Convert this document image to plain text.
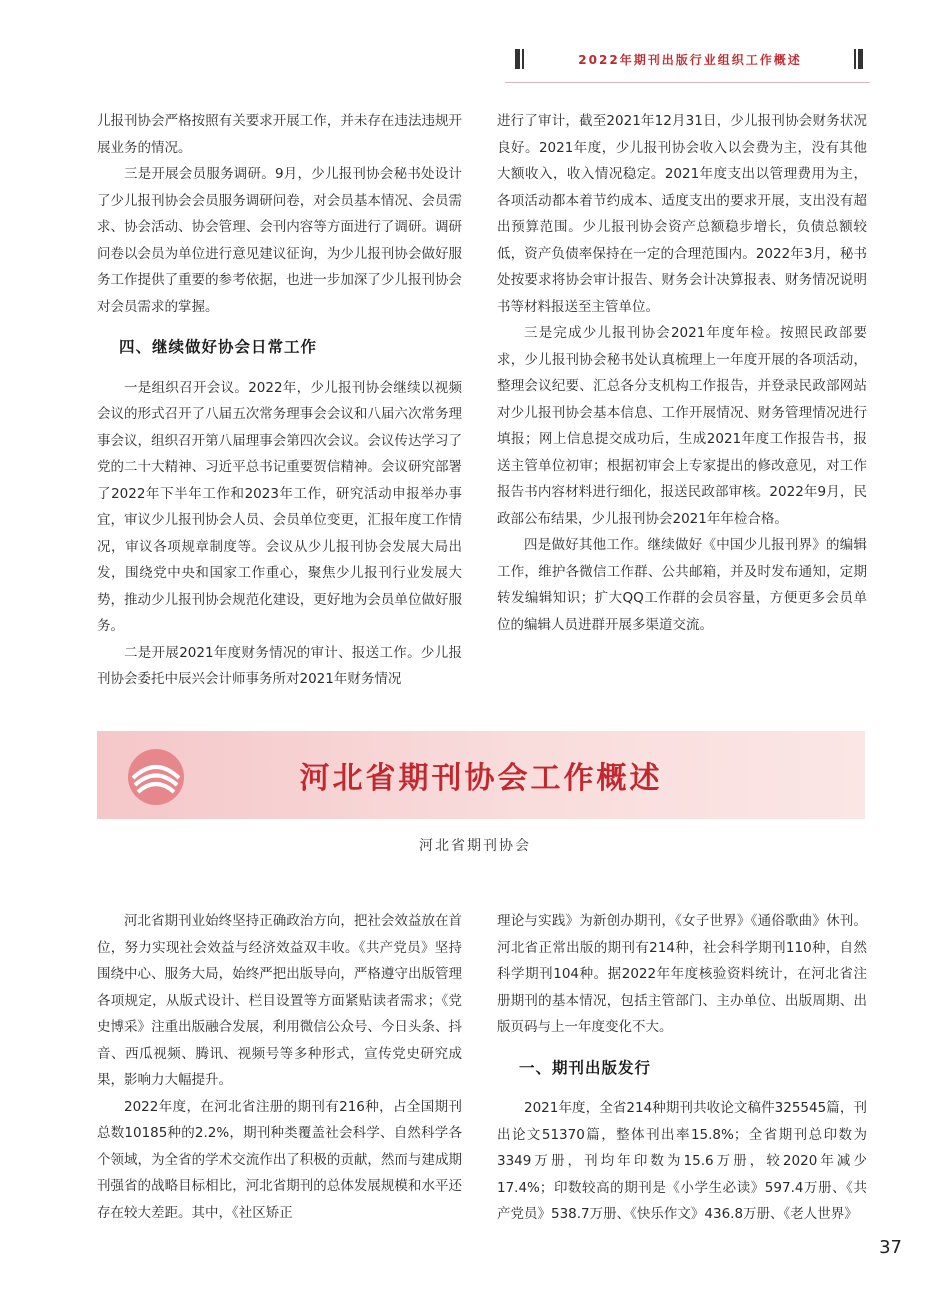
2022年期刊出版行业组织工作概述

儿报刊协会严格按照有关要求开展工作，并未存在违法违规开展业务的情况。

三是开展会员服务调研。9月，少儿报刊协会秘书处设计了少儿报刊协会会员服务调研问卷，对会员基本情况、会员需求、协会活动、协会管理、会刊内容等方面进行了调研。调研问卷以会员为单位进行意见建议征询，为少儿报刊协会做好服务工作提供了重要的参考依据，也进一步加深了少儿报刊协会对会员需求的掌握。

四、继续做好协会日常工作

一是组织召开会议。2022年，少儿报刊协会继续以视频会议的形式召开了八届五次常务理事会会议和八届六次常务理事会议，组织召开第八届理事会第四次会议。会议传达学习了党的二十大精神、习近平总书记重要贺信精神。会议研究部署了2022年下半年工作和2023年工作，研究活动申报举办事宜，审议少儿报刊协会人员、会员单位变更，汇报年度工作情况，审议各项规章制度等。会议从少儿报刊协会发展大局出发，围绕党中央和国家工作重心，聚焦少儿报刊行业发展大势，推动少儿报刊协会规范化建设，更好地为会员单位做好服务。

二是开展2021年度财务情况的审计、报送工作。少儿报刊协会委托中辰兴会计师事务所对2021年财务情况

进行了审计，截至2021年12月31日，少儿报刊协会财务状况良好。2021年度，少儿报刊协会收入以会费为主，没有其他大额收入，收入情况稳定。2021年度支出以管理费用为主，各项活动都本着节约成本、适度支出的要求开展，支出没有超出预算范围。少儿报刊协会资产总额稳步增长，负债总额较低，资产负债率保持在一定的合理范围内。2022年3月，秘书处按要求将协会审计报告、财务会计决算报表、财务情况说明书等材料报送至主管单位。

三是完成少儿报刊协会2021年度年检。按照民政部要求，少儿报刊协会秘书处认真梳理上一年度开展的各项活动，整理会议纪要、汇总各分支机构工作报告，并登录民政部网站对少儿报刊协会基本信息、工作开展情况、财务管理情况进行填报；网上信息提交成功后，生成2021年度工作报告书，报送主管单位初审；根据初审会上专家提出的修改意见，对工作报告书内容材料进行细化，报送民政部审核。2022年9月，民政部公布结果，少儿报刊协会2021年年检合格。

四是做好其他工作。继续做好《中国少儿报刊界》的编辑工作，维护各微信工作群、公共邮箱，并及时发布通知，定期转发编辑知识；扩大QQ工作群的会员容量，方便更多会员单位的编辑人员进群开展多渠道交流。

河北省期刊协会工作概述
河北省期刊协会

河北省期刊业始终坚持正确政治方向，把社会效益放在首位，努力实现社会效益与经济效益双丰收。《共产党员》坚持围绕中心、服务大局，始终严把出版导向，严格遵守出版管理各项规定，从版式设计、栏目设置等方面紧贴读者需求；《党史博采》注重出版融合发展，利用微信公众号、今日头条、抖音、西瓜视频、腾讯、视频号等多种形式，宣传党史研究成果，影响力大幅提升。

2022年度，在河北省注册的期刊有216种，占全国期刊总数10185种的2.2%，期刊种类覆盖社会科学、自然科学各个领域，为全省的学术交流作出了积极的贡献，然而与建成期刊强省的战略目标相比，河北省期刊的总体发展规模和水平还存在较大差距。其中，《社区矫正

理论与实践》为新创办期刊，《女子世界》《通俗歌曲》休刊。河北省正常出版的期刊有214种，社会科学期刊110种，自然科学期刊104种。据2022年年度核验资料统计，在河北省注册期刊的基本情况，包括主管部门、主办单位、出版周期、出版页码与上一年度变化不大。

一、期刊出版发行

2021年度，全省214种期刊共收论文稿件325545篇，刊出论文51370篇，整体刊出率15.8%；全省期刊总印数为3349万册，刊均年印数为15.6万册，较2020年减少17.4%；印数较高的期刊是《小学生必读》597.4万册、《共产党员》538.7万册、《快乐作文》436.8万册、《老人世界》

37
